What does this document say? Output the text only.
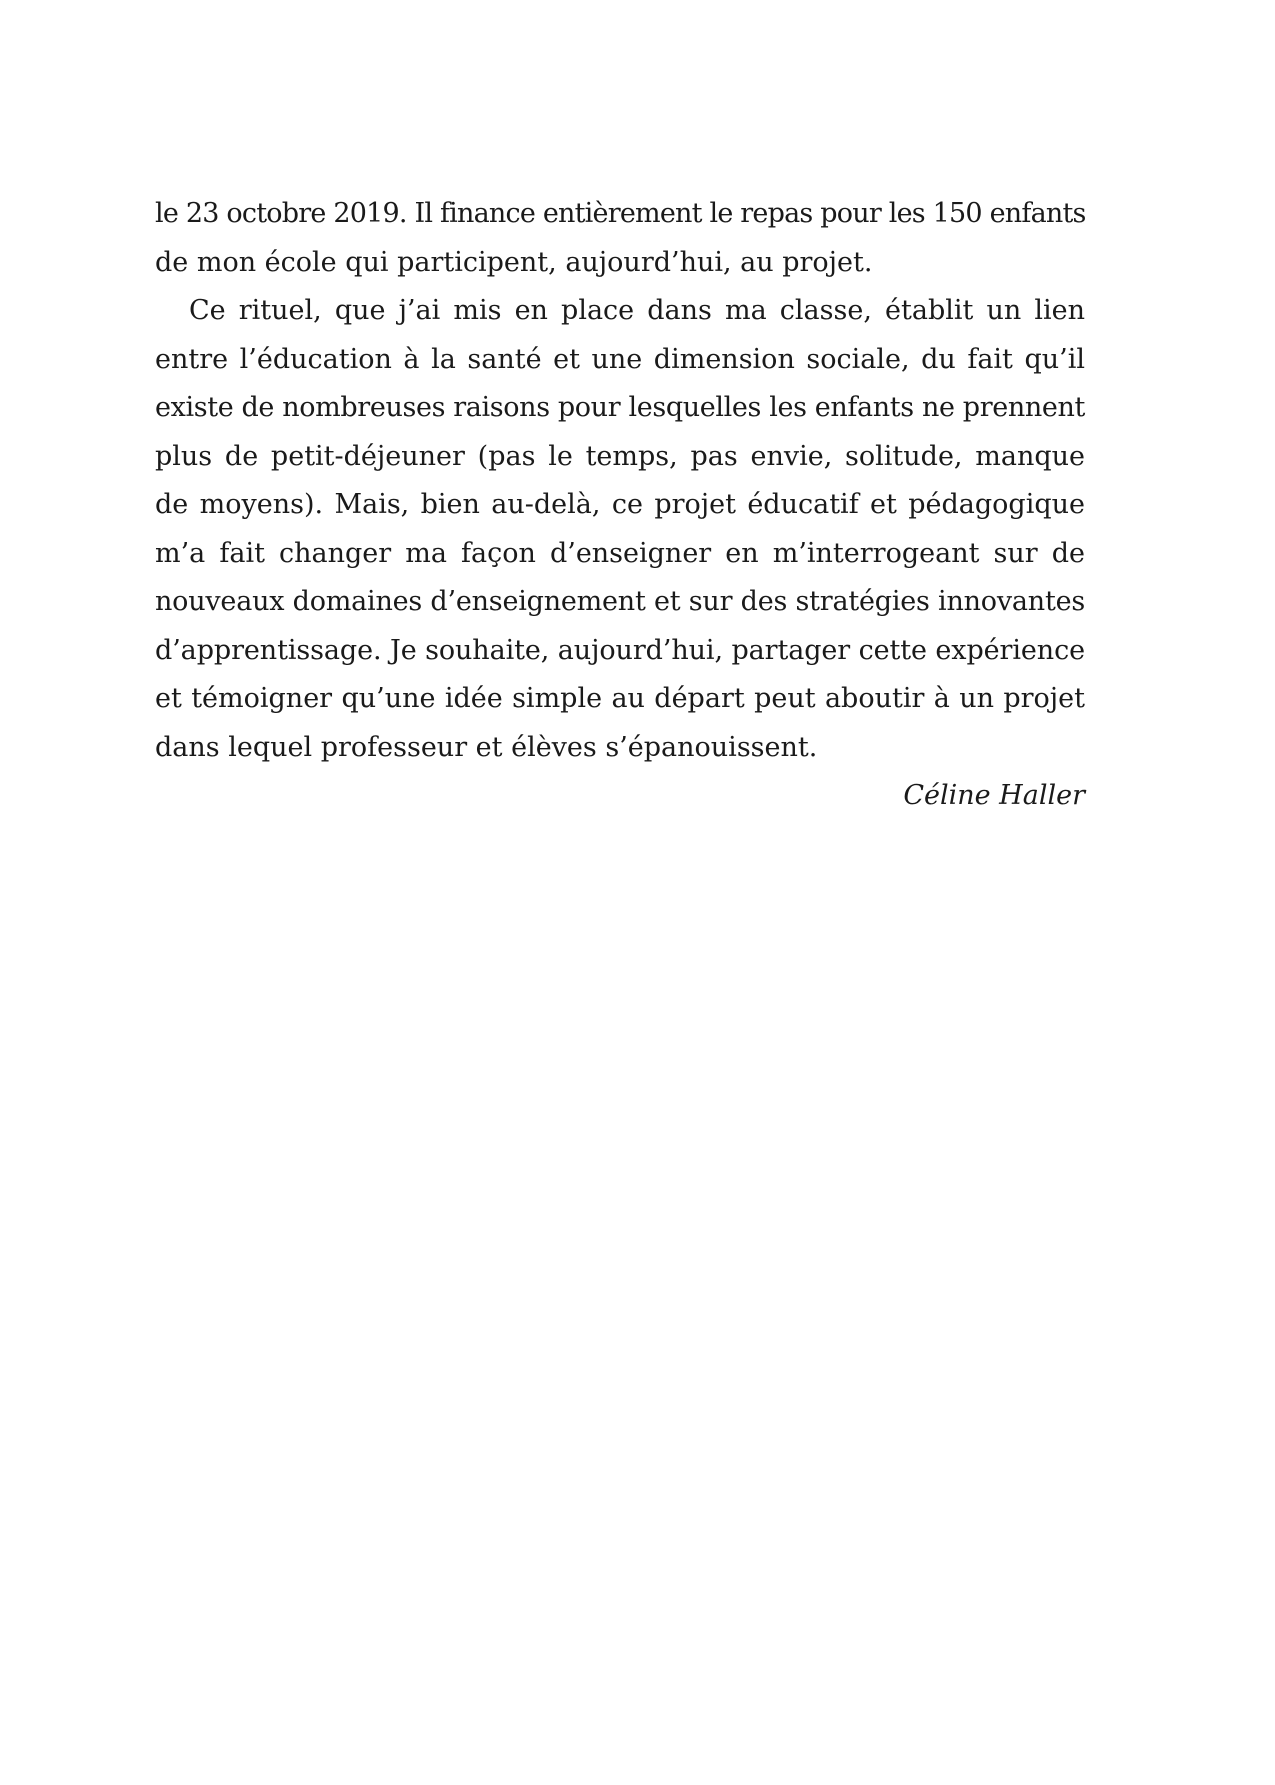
le 23 octobre 2019. Il finance entièrement le repas pour les 150 enfants
de mon école qui participent, aujourd’hui, au projet.

Ce rituel, que j’ai mis en place dans ma classe, établit un lien
entre l’éducation à la santé et une dimension sociale, du fait qu’il
existe de nombreuses raisons pour lesquelles les enfants ne prennent
plus de petit-déjeuner (pas le temps, pas envie, solitude, manque
de moyens). Mais, bien au-delà, ce projet éducatif et pédagogique
m’a fait changer ma façon d’enseigner en m’interrogeant sur de
nouveaux domaines d’enseignement et sur des stratégies innovantes
d’apprentissage. Je souhaite, aujourd’hui, partager cette expérience
et témoigner qu’une idée simple au départ peut aboutir à un projet
dans lequel professeur et élèves s’épanouissent.

Céline Haller
